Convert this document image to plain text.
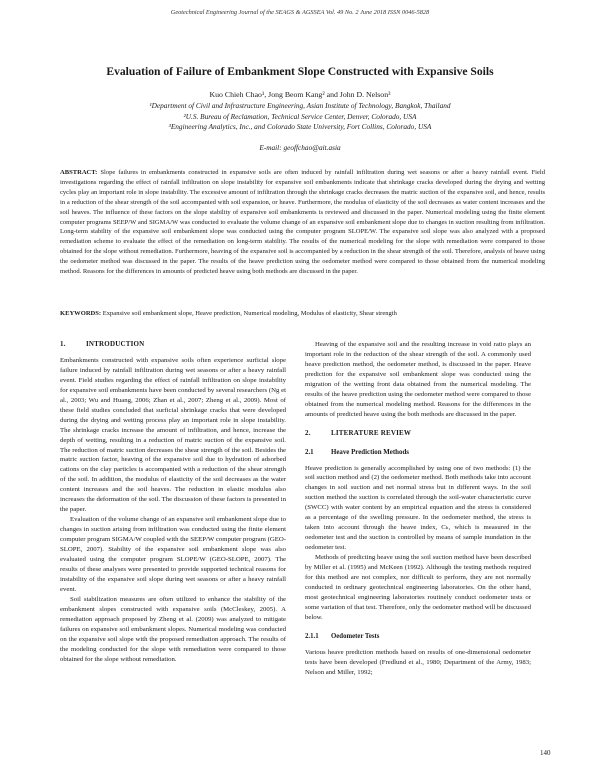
Geotechnical Engineering Journal of the SEAGS & AGSSEA Vol. 49 No. 2 June 2018 ISSN 0046-5828
Evaluation of Failure of Embankment Slope Constructed with Expansive Soils
Kuo Chieh Chao¹, Jong Beom Kang² and John D. Nelson³
¹Department of Civil and Infrastructure Engineering, Asian Institute of Technology, Bangkok, Thailand
²U.S. Bureau of Reclamation, Technical Service Center, Denver, Colorado, USA
³Engineering Analytics, Inc., and Colorado State University, Fort Collins, Colorado, USA
E-mail: geoffchao@ait.asia
ABSTRACT: Slope failures in embankments constructed in expansive soils are often induced by rainfall infiltration during wet seasons or after a heavy rainfall event. Field investigations regarding the effect of rainfall infiltration on slope instability for expansive soil embankments indicate that shrinkage cracks developed during the drying and wetting cycles play an important role in slope instability. The excessive amount of infiltration through the shrinkage cracks decreases the matric suction of the expansive soil, and hence, results in a reduction of the shear strength of the soil accompanied with soil expansion, or heave. Furthermore, the modulus of elasticity of the soil decreases as water content increases and the soil heaves. The influence of these factors on the slope stability of expansive soil embankments is reviewed and discussed in the paper. Numerical modeling using the finite element computer programs SEEP/W and SIGMA/W was conducted to evaluate the volume change of an expansive soil embankment slope due to changes in suction resulting from infiltration. Long-term stability of the expansive soil embankment slope was conducted using the computer program SLOPE/W. The expansive soil slope was also analyzed with a proposed remediation scheme to evaluate the effect of the remediation on long-term stability. The results of the numerical modeling for the slope with remediation were compared to those obtained for the slope without remediation. Furthermore, heaving of the expansive soil is accompanied by a reduction in the shear strength of the soil. Therefore, analysis of heave using the oedometer method was discussed in the paper. The results of the heave prediction using the oedometer method were compared to those obtained from the numerical modeling method. Reasons for the differences in amounts of predicted heave using both methods are discussed in the paper.
KEYWORDS: Expansive soil embankment slope, Heave prediction, Numerical modeling, Modulus of elasticity, Shear strength
1.	INTRODUCTION

Embankments constructed with expansive soils often experience surficial slope failure induced by rainfall infiltration during wet seasons or after a heavy rainfall event. Field studies regarding the effect of rainfall infiltration on slope instability for expansive soil embankments have been conducted by several researchers (Ng et al., 2003; Wu and Huang, 2006; Zhan et al., 2007; Zheng et al., 2009). Most of these field studies concluded that surficial shrinkage cracks that were developed during the drying and wetting process play an important role in slope instability. The shrinkage cracks increase the amount of infiltration, and hence, increase the depth of wetting, resulting in a reduction of matric suction of the expansive soil. The reduction of matric suction decreases the shear strength of the soil. Besides the matric suction factor, heaving of the expansive soil due to hydration of adsorbed cations on the clay particles is accompanied with a reduction of the shear strength of the soil. In addition, the modulus of elasticity of the soil decreases as the water content increases and the soil heaves. The reduction in elastic modulus also increases the deformation of the soil. The discussion of these factors is presented in the paper.

Evaluation of the volume change of an expansive soil embankment slope due to changes in suction arising from infiltration was conducted using the finite element computer program SIGMA/W coupled with the SEEP/W computer program (GEO-SLOPE, 2007). Stability of the expansive soil embankment slope was also evaluated using the computer program SLOPE/W (GEO-SLOPE, 2007). The results of these analyses were presented to provide supported technical reasons for instability of the expansive soil slope during wet seasons or after a heavy rainfall event.

Soil stabilization measures are often utilized to enhance the stability of the embankment slopes constructed with expansive soils (McCleskey, 2005). A remediation approach proposed by Zheng et al. (2009) was analyzed to mitigate failures on expansive soil embankment slopes. Numerical modeling was conducted on the expansive soil slope with the proposed remediation approach. The results of the modeling conducted for the slope with remediation were compared to those obtained for the slope without remediation.

Heaving of the expansive soil and the resulting increase in void ratio plays an important role in the reduction of the shear strength of the soil. A commonly used heave prediction method, the oedometer method, is discussed in the paper. Heave prediction for the expansive soil embankment slope was conducted using the migration of the wetting front data obtained from the numerical modeling. The results of the heave prediction using the oedometer method were compared to those obtained from the numerical modeling method. Reasons for the differences in the amounts of predicted heave using the both methods are discussed in the paper.

2.	LITERATURE REVIEW
2.1	Heave Prediction Methods

Heave prediction is generally accomplished by using one of two methods: (1) the soil suction method and (2) the oedometer method. Both methods take into account changes in soil suction and net normal stress but in different ways. In the soil suction method the suction is correlated through the soil-water characteristic curve (SWCC) with water content by an empirical equation and the stress is considered as a percentage of the swelling pressure. In the oedometer method, the stress is taken into account through the heave index, Cₕ, which is measured in the oedometer test and the suction is controlled by means of sample inundation in the oedometer test.

Methods of predicting heave using the soil suction method have been described by Miller et al. (1995) and McKeen (1992). Although the testing methods required for this method are not complex, nor difficult to perform, they are not normally conducted in ordinary geotechnical engineering laboratories. On the other hand, most geotechnical engineering laboratories routinely conduct oedometer tests or some variation of that test. Therefore, only the oedometer method will be discussed below.

2.1.1 Oedometer Tests

Various heave prediction methods based on results of one-dimensional oedometer tests have been developed (Fredlund et al., 1980; Department of the Army, 1983; Nelson and Miller, 1992;

140
